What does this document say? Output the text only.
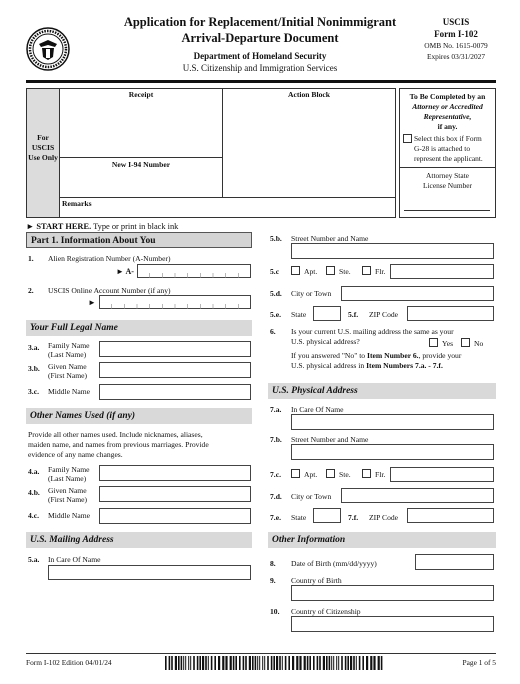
Application for Replacement/Initial Nonimmigrant
Arrival-Departure Document
Department of Homeland Security
U.S. Citizenship and Immigration Services
USCIS
Form I-102
OMB No. 1615-0079
Expires 03/31/2027
For USCIS Use Only
Receipt	Action Block
New I-94 Number
Remarks
To Be Completed by an
Attorney or Accredited
Representative,
if any.
Select this box if Form
G-28 is attached to
represent the applicant.
Attorney State
License Number
► START HERE. Type or print in black ink
Part 1. Information About You
1. Alien Registration Number (A-Number)
► A-
2. USCIS Online Account Number (if any)
►
Your Full Legal Name
3.a. Family Name
(Last Name)
3.b. Given Name
(First Name)
3.c. Middle Name
Other Names Used (if any)
Provide all other names used. Include nicknames, aliases,
maiden name, and names from previous marriages. Provide
evidence of any name changes.
4.a. Family Name
(Last Name)
4.b. Given Name
(First Name)
4.c. Middle Name
U.S. Mailing Address
5.a. In Care Of Name
5.b. Street Number and Name
5.c	Apt.	Ste.	Flr.
5.d. City or Town
5.e. State	5.f. ZIP Code
6. Is your current U.S. mailing address the same as your
U.S. physical address?	Yes	No
If you answered "No" to Item Number 6., provide your
U.S. physical address in Item Numbers 7.a. - 7.f.
U.S. Physical Address
7.a. In Care Of Name
7.b. Street Number and Name
7.c.	Apt.	Ste.	Flr.
7.d. City or Town
7.e. State	7.f. ZIP Code
Other Information
8. Date of Birth (mm/dd/yyyy)
9. Country of Birth
10. Country of Citizenship
Form I-102 Edition 04/01/24	Page 1 of 5
